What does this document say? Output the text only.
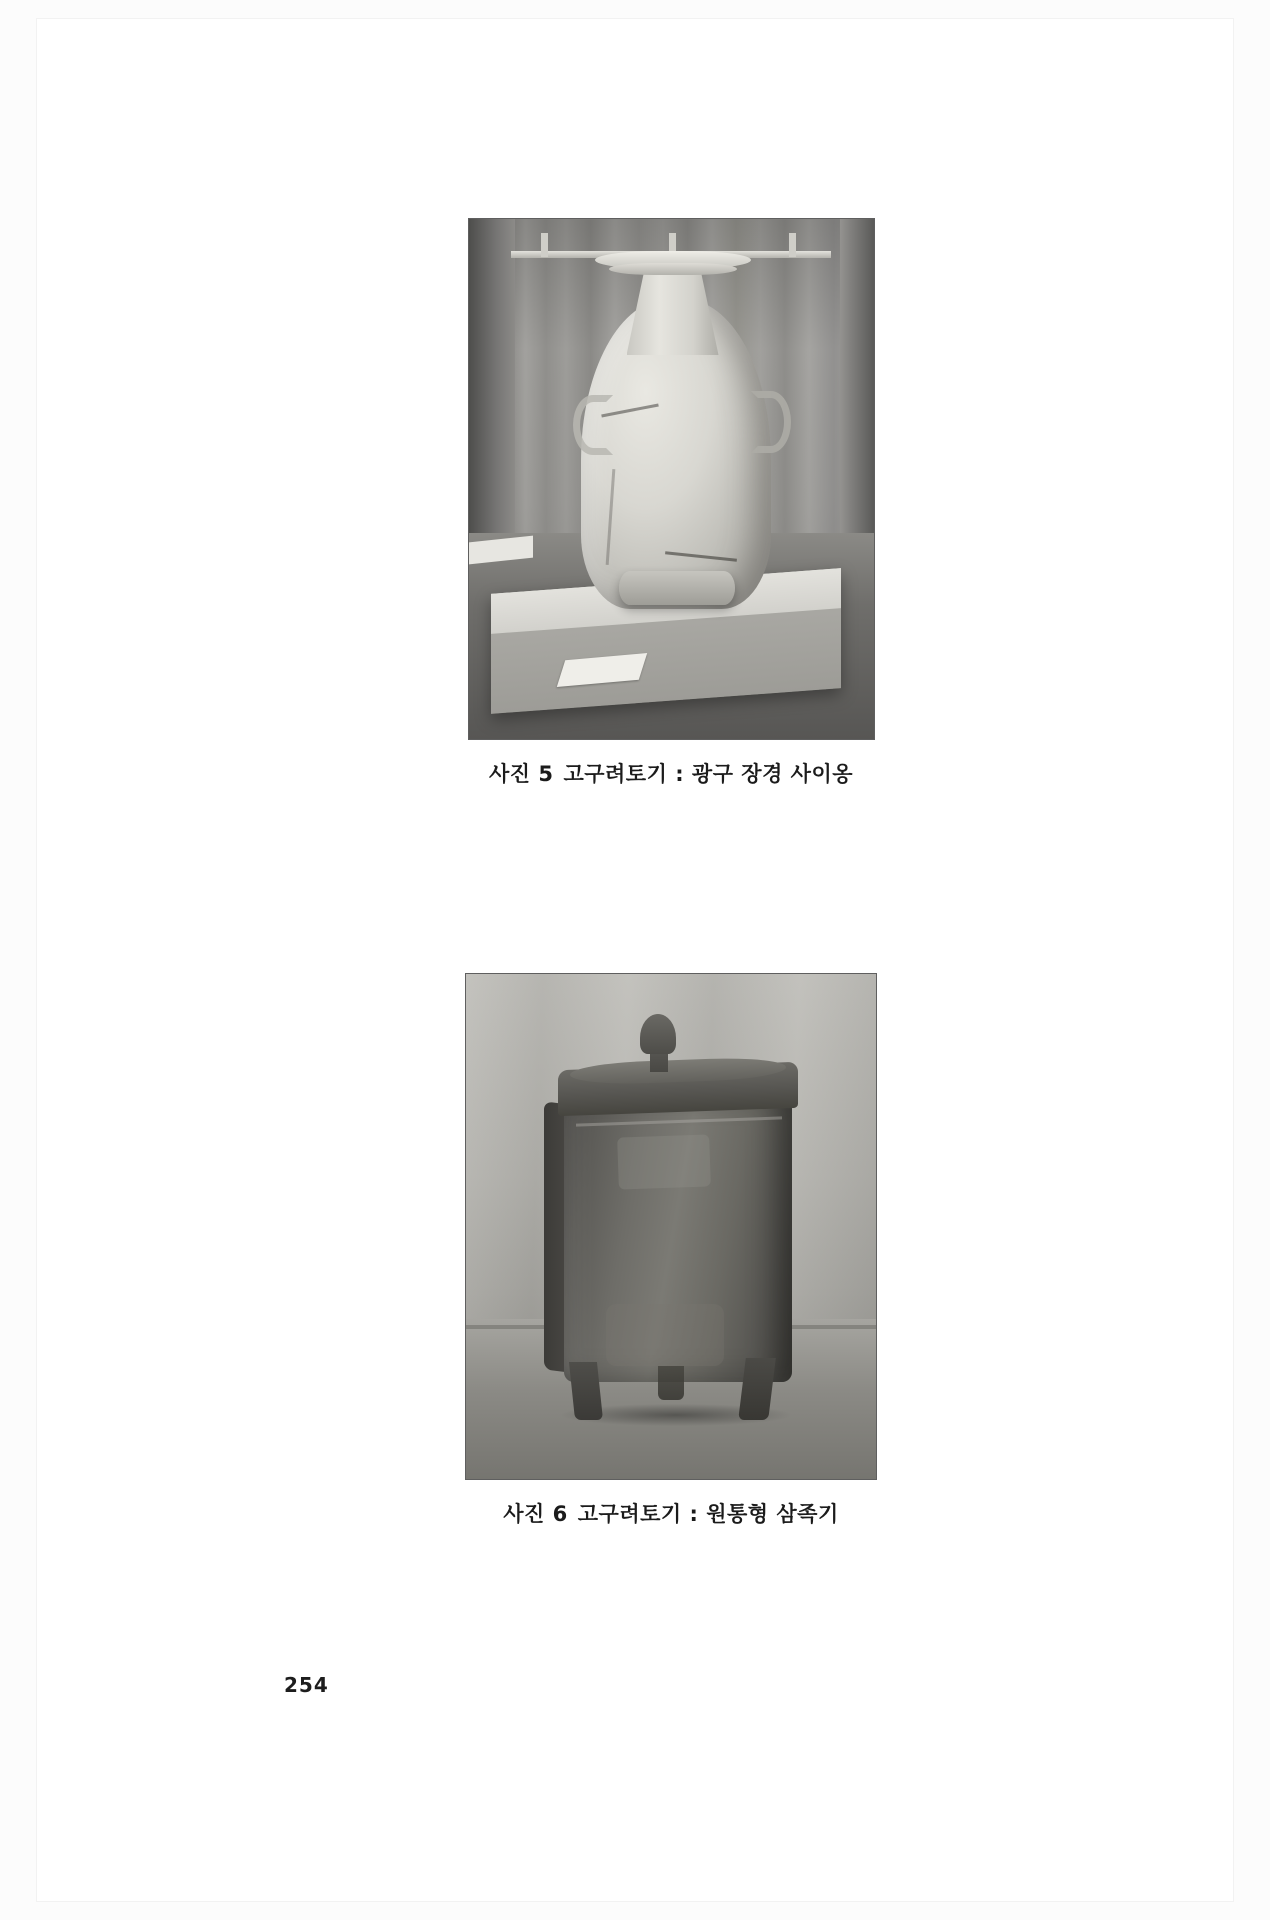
사진 5 고구려토기 : 광구 장경 사이옹
사진 6 고구려토기 : 원통형 삼족기
254
